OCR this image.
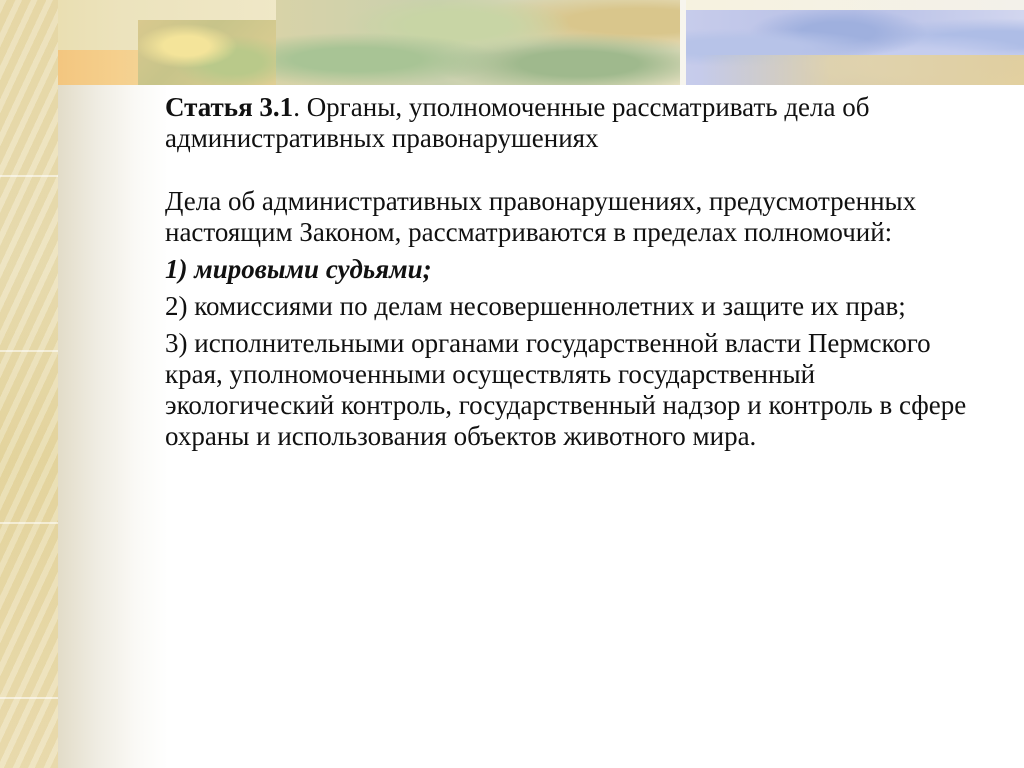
Статья 3.1. Органы, уполномоченные рассматривать дела об административных правонарушениях

Дела об административных правонарушениях, предусмотренных настоящим Законом, рассматриваются в пределах полномочий:

1) мировыми судьями;

2) комиссиями по делам несовершеннолетних и защите их прав;

3) исполнительными органами государственной власти Пермского края, уполномоченными осуществлять государственный экологический контроль, государственный надзор и контроль в сфере охраны и использования объектов животного мира.
